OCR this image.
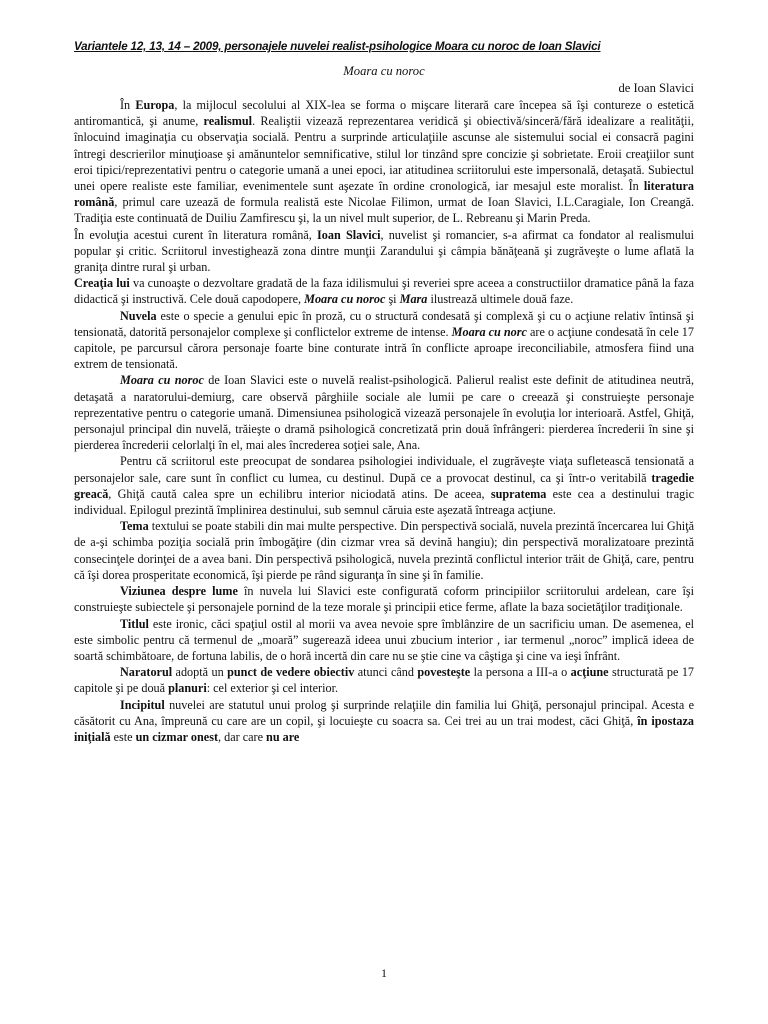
Variantele 12, 13, 14 – 2009, personajele nuvelei realist-psihologice Moara cu noroc de Ioan Slavici
Moara cu noroc
de Ioan Slavici

În Europa, la mijlocul secolului al XIX-lea se forma o mişcare literară care începea să îşi contureze o estetică antiromantică, şi anume, realismul. Realiştii vizează reprezentarea veridică şi obiectivă/sinceră/fără idealizare a realităţii, înlocuind imaginaţia cu observaţia socială. Pentru a surprinde articulaţiile ascunse ale sistemului social ei consacră pagini întregi descrierilor minuţioase şi amănuntelor semnificative, stilul lor tinzând spre concizie şi sobrietate. Eroii creaţiilor sunt eroi tipici/reprezentativi pentru o categorie umană a unei epoci, iar atitudinea scriitorului este impersonală, detaşată. Subiectul unei opere realiste este familiar, evenimentele sunt aşezate în ordine cronologică, iar mesajul este moralist. În literatura română, primul care uzează de formula realistă este Nicolae Filimon, urmat de Ioan Slavici, I.L.Caragiale, Ion Creangă. Tradiţia este continuată de Duiliu Zamfirescu şi, la un nivel mult superior, de L. Rebreanu şi Marin Preda.

În evoluţia acestui curent în literatura română, Ioan Slavici, nuvelist şi romancier, s-a afirmat ca fondator al realismului popular şi critic. Scriitorul investighează zona dintre munţii Zarandului şi câmpia bănăţeană şi zugrăveşte o lume aflată la graniţa dintre rural şi urban.

Creaţia lui va cunoaşte o dezvoltare gradată de la faza idilismului şi reveriei spre aceea a constructiilor dramatice până la faza didactică şi instructivă. Cele două capodopere, Moara cu noroc şi Mara ilustrează ultimele două faze.

Nuvela este o specie a genului epic în proză, cu o structură condesată şi complexă şi cu o acţiune relativ întinsă şi tensionată, datorită personajelor complexe şi conflictelor extreme de intense. Moara cu norc are o acţiune condesată în cele 17 capitole, pe parcursul cărora personaje foarte bine conturate intră în conflicte aproape ireconciliabile, atmosfera fiind una extrem de tensionată.

Moara cu noroc de Ioan Slavici este o nuvelă realist-psihologică. Palierul realist este definit de atitudinea neutră, detaşată a naratorului-demiurg, care observă pârghiile sociale ale lumii pe care o creează şi construieşte personaje reprezentative pentru o categorie umană. Dimensiunea psihologică vizează personajele în evoluţia lor interioară. Astfel, Ghiţă, personajul principal din nuvelă, trăieşte o dramă psihologică concretizată prin două înfrângeri: pierderea încrederii în sine şi pierderea încrederii celorlalţi în el, mai ales încrederea soţiei sale, Ana.

Pentru că scriitorul este preocupat de sondarea psihologiei individuale, el zugrăveşte viaţa sufletească tensionată a personajelor sale, care sunt în conflict cu lumea, cu destinul. După ce a provocat destinul, ca şi într-o veritabilă tragedie greacă, Ghiţă caută calea spre un echilibru interior niciodată atins. De aceea, supratema este cea a destinului tragic individual. Epilogul prezintă împlinirea destinului, sub semnul căruia este aşezată întreaga acţiune.

Tema textului se poate stabili din mai multe perspective. Din perspectivă socială, nuvela prezintă încercarea lui Ghiţă de a-şi schimba poziţia socială prin îmbogăţire (din cizmar vrea să devină hangiu); din perspectivă moralizatoare prezintă consecinţele dorinţei de a avea bani. Din perspectivă psihologică, nuvela prezintă conflictul interior trăit de Ghiţă, care, pentru că îşi dorea prosperitate economică, îşi pierde pe rând siguranţa în sine şi în familie.

Viziunea despre lume în nuvela lui Slavici este configurată coform principiilor scriitorului ardelean, care îşi construieşte subiectele şi personajele pornind de la teze morale şi principii etice ferme, aflate la baza societăţilor tradiţionale.

Titlul este ironic, căci spaţiul ostil al morii va avea nevoie spre îmblânzire de un sacrificiu uman. De asemenea, el este simbolic pentru că termenul de „moară” sugerează ideea unui zbucium interior , iar termenul „noroc” implică ideea de soartă schimbătoare, de fortuna labilis, de o horă incertă din care nu se ştie cine va câştiga şi cine va ieşi înfrânt.

Naratorul adoptă un punct de vedere obiectiv atunci când povesteşte la persona a III-a o acţiune structurată pe 17 capitole şi pe două planuri: cel exterior şi cel interior.

Incipitul nuvelei are statutul unui prolog şi surprinde relaţiile din familia lui Ghiţă, personajul principal. Acesta e căsătorit cu Ana, împreună cu care are un copil, şi locuieşte cu soacra sa. Cei trei au un trai modest, căci Ghiţă, în ipostaza iniţială este un cizmar onest, dar care nu are

1
